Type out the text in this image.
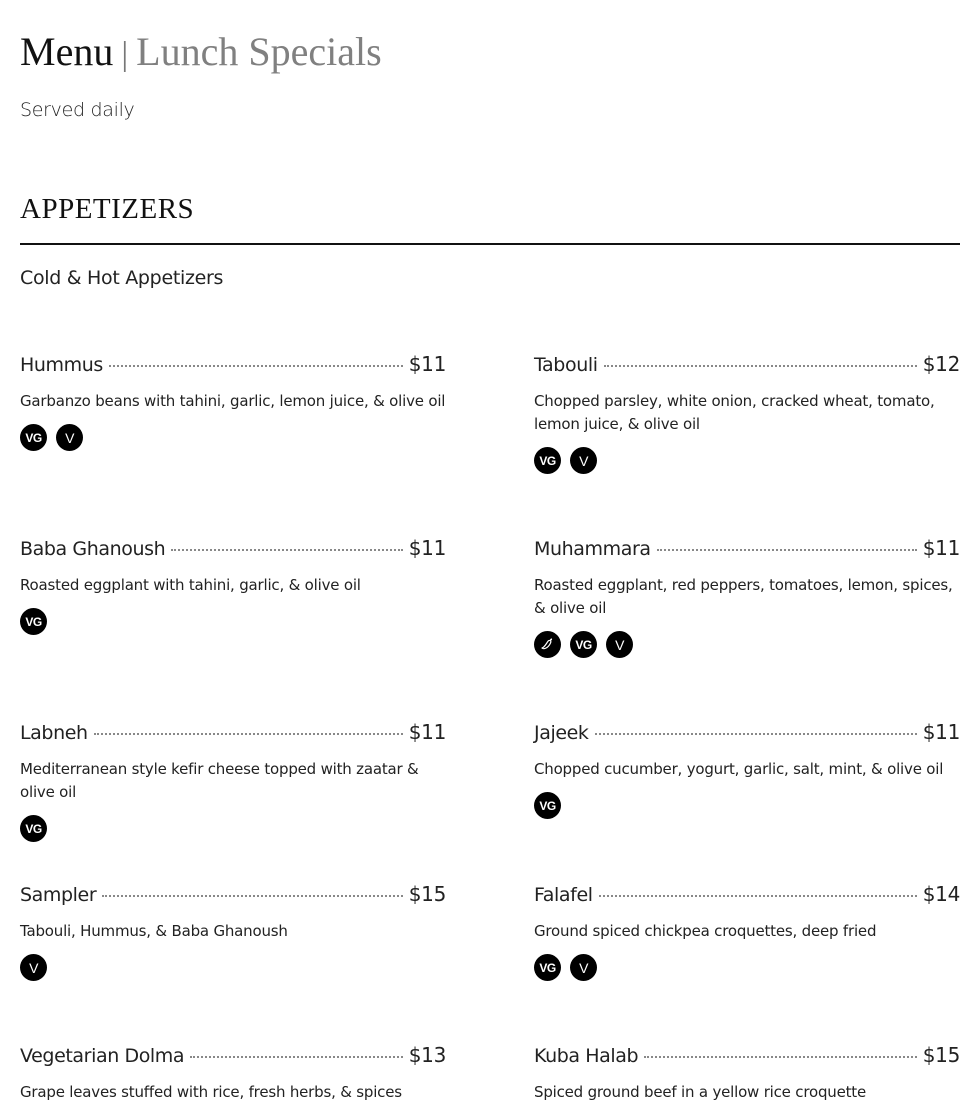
Menu | Lunch Specials
Served daily
APPETIZERS
Cold & Hot Appetizers
Hummus	$11
Garbanzo beans with tahini, garlic, lemon juice, & olive oil
VG	V
Tabouli	$12
Chopped parsley, white onion, cracked wheat, tomato, lemon juice, & olive oil
VG	V
Baba Ghanoush	$11
Roasted eggplant with tahini, garlic, & olive oil
VG
Muhammara	$11
Roasted eggplant, red peppers, tomatoes, lemon, spices, & olive oil
VG	V
Labneh	$11
Mediterranean style kefir cheese topped with zaatar & olive oil
VG
Jajeek	$11
Chopped cucumber, yogurt, garlic, salt, mint, & olive oil
VG
Sampler	$15
Tabouli, Hummus, & Baba Ghanoush
V
Falafel	$14
Ground spiced chickpea croquettes, deep fried
VG	V
Vegetarian Dolma	$13
Grape leaves stuffed with rice, fresh herbs, & spices
Kuba Halab	$15
Spiced ground beef in a yellow rice croquette
